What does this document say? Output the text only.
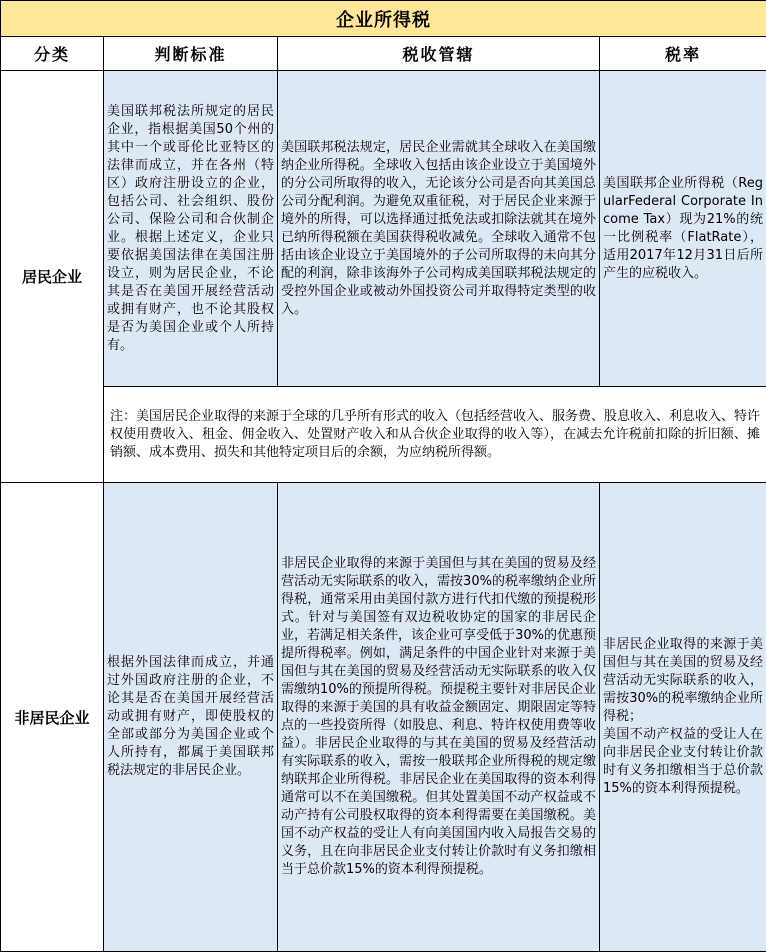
企业所得税			
分类	判断标准	税收管辖	税率
居民企业	美国联邦税法所规定的居民企业，指根据美国50个州的其中一个或哥伦比亚特区的法律而成立，并在各州（特区）政府注册设立的企业，包括公司、社会组织、股份公司、保险公司和合伙制企业。根据上述定义，企业只要依据美国法律在美国注册设立，则为居民企业，不论其是否在美国开展经营活动或拥有财产，也不论其股权是否为美国企业或个人所持有。	美国联邦税法规定，居民企业需就其全球收入在美国缴纳企业所得税。全球收入包括由该企业设立于美国境外的分公司所取得的收入，无论该分公司是否向其美国总公司分配利润。为避免双重征税，对于居民企业来源于境外的所得，可以选择通过抵免法或扣除法就其在境外已纳所得税额在美国获得税收减免。全球收入通常不包括由该企业设立于美国境外的子公司所取得的未向其分配的利润，除非该海外子公司构成美国联邦税法规定的受控外国企业或被动外国投资公司并取得特定类型的收入。	美国联邦企业所得税（RegularFederal Corporate Income Tax）现为21%的统一比例税率（FlatRate），适用2017年12月31日后所产生的应税收入。
	注：美国居民企业取得的来源于全球的几乎所有形式的收入（包括经营收入、服务费、股息收入、利息收入、特许权使用费收入、租金、佣金收入、处置财产收入和从合伙企业取得的收入等），在减去允许税前扣除的折旧额、摊销额、成本费用、损失和其他特定项目后的余额，为应纳税所得额。		
非居民企业	根据外国法律而成立，并通过外国政府注册的企业，不论其是否在美国开展经营活动或拥有财产，即使股权的全部或部分为美国企业或个人所持有，都属于美国联邦税法规定的非居民企业。	非居民企业取得的来源于美国但与其在美国的贸易及经营活动无实际联系的收入，需按30%的税率缴纳企业所得税，通常采用由美国付款方进行代扣代缴的预提税形式。针对与美国签有双边税收协定的国家的非居民企业，若满足相关条件，该企业可享受低于30%的优惠预提所得税率。例如，满足条件的中国企业针对来源于美国但与其在美国的贸易及经营活动无实际联系的收入仅需缴纳10%的预提所得税。预提税主要针对非居民企业取得的来源于美国的具有收益金额固定、期限固定等特点的一些投资所得（如股息、利息、特许权使用费等收益）。非居民企业取得的与其在美国的贸易及经营活动有实际联系的收入，需按一般联邦企业所得税的规定缴纳联邦企业所得税。非居民企业在美国取得的资本利得通常可以不在美国缴税。但其处置美国不动产权益或不动产持有公司股权取得的资本利得需要在美国缴税。美国不动产权益的受让人有向美国国内收入局报告交易的义务，且在向非居民企业支付转让价款时有义务扣缴相当于总价款15%的资本利得预提税。	非居民企业取得的来源于美国但与其在美国的贸易及经营活动无实际联系的收入，需按30%的税率缴纳企业所得税；
美国不动产权益的受让人在向非居民企业支付转让价款时有义务扣缴相当于总价款15%的资本利得预提税。
